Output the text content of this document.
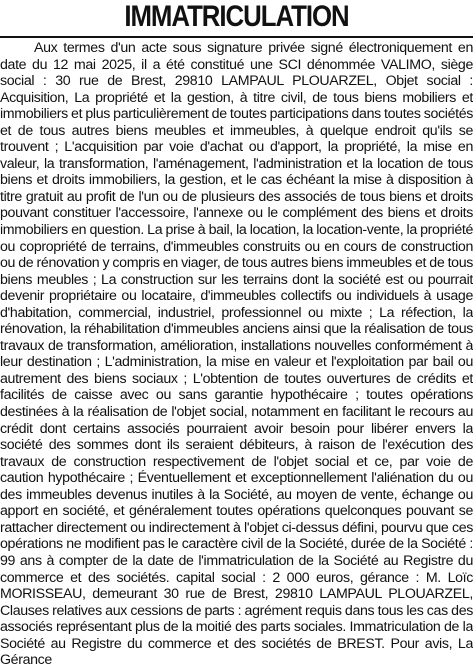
IMMATRICULATION

Aux termes d'un acte sous signature privée signé électroniquement en date du 12 mai 2025, il a été constitué une SCI dénommée VALIMO, siège social : 30 rue de Brest, 29810 LAMPAUL PLOUARZEL, Objet social : Acquisition, La propriété et la gestion, à titre civil, de tous biens mobiliers et immobiliers et plus particulièrement de toutes participations dans toutes sociétés et de tous autres biens meubles et immeubles, à quelque endroit qu'ils se trouvent ; L'acquisition par voie d'achat ou d'apport, la propriété, la mise en valeur, la transformation, l'aménagement, l'administration et la location de tous biens et droits immobiliers, la gestion, et le cas échéant la mise à disposition à titre gratuit au profit de l'un ou de plusieurs des associés de tous biens et droits pouvant constituer l'accessoire, l'annexe ou le complément des biens et droits immobiliers en question. La prise à bail, la location, la location-vente, la propriété ou copropriété de terrains, d'immeubles construits ou en cours de construction ou de rénovation y compris en viager, de tous autres biens immeubles et de tous biens meubles ; La construction sur les terrains dont la société est ou pourrait devenir propriétaire ou locataire, d'immeubles collectifs ou individuels à usage d'habitation, commercial, industriel, professionnel ou mixte ; La réfection, la rénovation, la réhabilitation d'immeubles anciens ainsi que la réalisation de tous travaux de transformation, amélioration, installations nouvelles conformément à leur destination ; L'administration, la mise en valeur et l'exploitation par bail ou autrement des biens sociaux ; L'obtention de toutes ouvertures de crédits et facilités de caisse avec ou sans garantie hypothécaire ; toutes opérations destinées à la réalisation de l'objet social, notamment en facilitant le recours au crédit dont certains associés pourraient avoir besoin pour libérer envers la société des sommes dont ils seraient débiteurs, à raison de l'exécution des travaux de construction respectivement de l'objet social et ce, par voie de caution hypothécaire ; Éventuellement et exceptionnellement l'aliénation du ou des immeubles devenus inutiles à la Société, au moyen de vente, échange ou apport en société, et généralement toutes opérations quelconques pouvant se rattacher directement ou indirectement à l'objet ci-dessus défini, pourvu que ces opérations ne modifient pas le caractère civil de la Société, durée de la Société : 99 ans à compter de la date de l'immatriculation de la Société au Registre du commerce et des sociétés. capital social : 2 000 euros, gérance : M. Loïc MORISSEAU, demeurant 30 rue de Brest, 29810 LAMPAUL PLOUARZEL, Clauses relatives aux cessions de parts : agrément requis dans tous les cas des associés représentant plus de la moitié des parts sociales. Immatriculation de la Société au Registre du commerce et des sociétés de BREST. Pour avis, La Gérance
